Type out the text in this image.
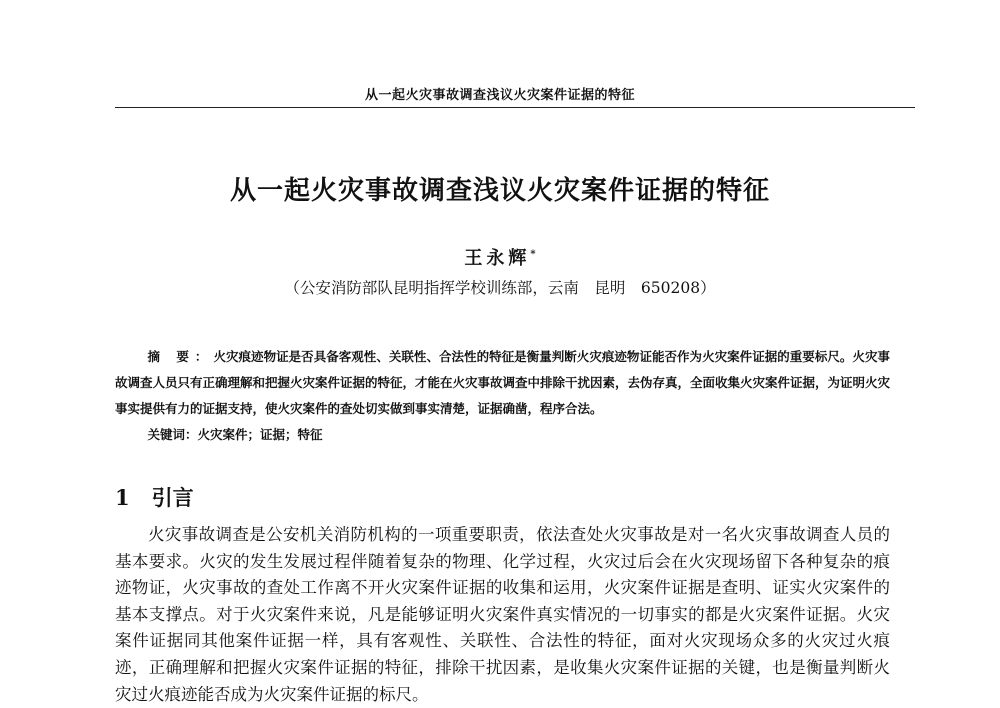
从一起火灾事故调查浅议火灾案件证据的特征
从一起火灾事故调查浅议火灾案件证据的特征
王永辉*
（公安消防部队昆明指挥学校训练部，云南　昆明　650208）

摘 要：火灾痕迹物证是否具备客观性、关联性、合法性的特征是衡量判断火灾痕迹物证能否作为火灾案件证据的重要标尺。火灾事故调查人员只有正确理解和把握火灾案件证据的特征，才能在火灾事故调查中排除干扰因素，去伪存真，全面收集火灾案件证据，为证明火灾事实提供有力的证据支持，使火灾案件的查处切实做到事实清楚，证据确凿，程序合法。

关键词：火灾案件；证据；特征

1 引言

火灾事故调查是公安机关消防机构的一项重要职责，依法查处火灾事故是对一名火灾事故调查人员的基本要求。火灾的发生发展过程伴随着复杂的物理、化学过程，火灾过后会在火灾现场留下各种复杂的痕迹物证，火灾事故的查处工作离不开火灾案件证据的收集和运用，火灾案件证据是查明、证实火灾案件的基本支撑点。对于火灾案件来说，凡是能够证明火灾案件真实情况的一切事实的都是火灾案件证据。火灾案件证据同其他案件证据一样，具有客观性、关联性、合法性的特征，面对火灾现场众多的火灾过火痕迹，正确理解和把握火灾案件证据的特征，排除干扰因素，是收集火灾案件证据的关键，也是衡量判断火灾过火痕迹能否成为火灾案件证据的标尺。
